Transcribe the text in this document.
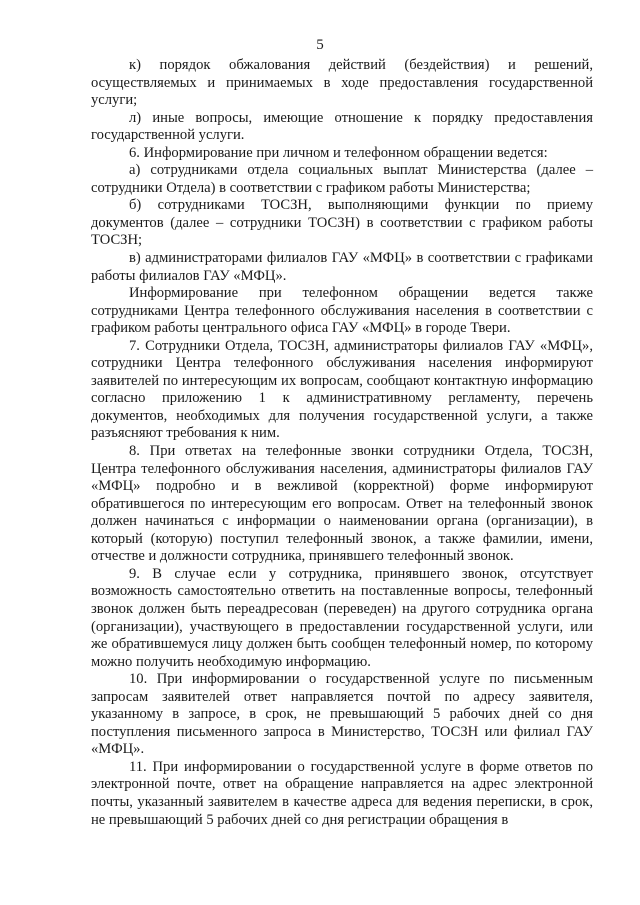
5

к) порядок обжалования действий (бездействия) и решений, осуществляемых и принимаемых в ходе предоставления государственной услуги;

л) иные вопросы, имеющие отношение к порядку предоставления государственной услуги.

6. Информирование при личном и телефонном обращении ведется:

а) сотрудниками отдела социальных выплат Министерства (далее – сотрудники Отдела) в соответствии с графиком работы Министерства;

б) сотрудниками ТОСЗН, выполняющими функции по приему документов (далее – сотрудники ТОСЗН) в соответствии с графиком работы ТОСЗН;

в) администраторами филиалов ГАУ «МФЦ» в соответствии с графиками работы филиалов ГАУ «МФЦ».

Информирование при телефонном обращении ведется также сотрудниками Центра телефонного обслуживания населения в соответствии с графиком работы центрального офиса ГАУ «МФЦ» в городе Твери.

7. Сотрудники Отдела, ТОСЗН, администраторы филиалов ГАУ «МФЦ», сотрудники Центра телефонного обслуживания населения информируют заявителей по интересующим их вопросам, сообщают контактную информацию согласно приложению 1 к административному регламенту, перечень документов, необходимых для получения государственной услуги, а также разъясняют требования к ним.

8. При ответах на телефонные звонки сотрудники Отдела, ТОСЗН, Центра телефонного обслуживания населения, администраторы филиалов ГАУ «МФЦ» подробно и в вежливой (корректной) форме информируют обратившегося по интересующим его вопросам. Ответ на телефонный звонок должен начинаться с информации о наименовании органа (организации), в который (которую) поступил телефонный звонок, а также фамилии, имени, отчестве и должности сотрудника, принявшего телефонный звонок.

9. В случае если у сотрудника, принявшего звонок, отсутствует возможность самостоятельно ответить на поставленные вопросы, телефонный звонок должен быть переадресован (переведен) на другого сотрудника органа (организации), участвующего в предоставлении государственной услуги, или же обратившемуся лицу должен быть сообщен телефонный номер, по которому можно получить необходимую информацию.

10. При информировании о государственной услуге по письменным запросам заявителей ответ направляется почтой по адресу заявителя, указанному в запросе, в срок, не превышающий 5 рабочих дней со дня поступления письменного запроса в Министерство, ТОСЗН или филиал ГАУ «МФЦ».

11. При информировании о государственной услуге в форме ответов по электронной почте, ответ на обращение направляется на адрес электронной почты, указанный заявителем в качестве адреса для ведения переписки, в срок, не превышающий 5 рабочих дней со дня регистрации обращения в
